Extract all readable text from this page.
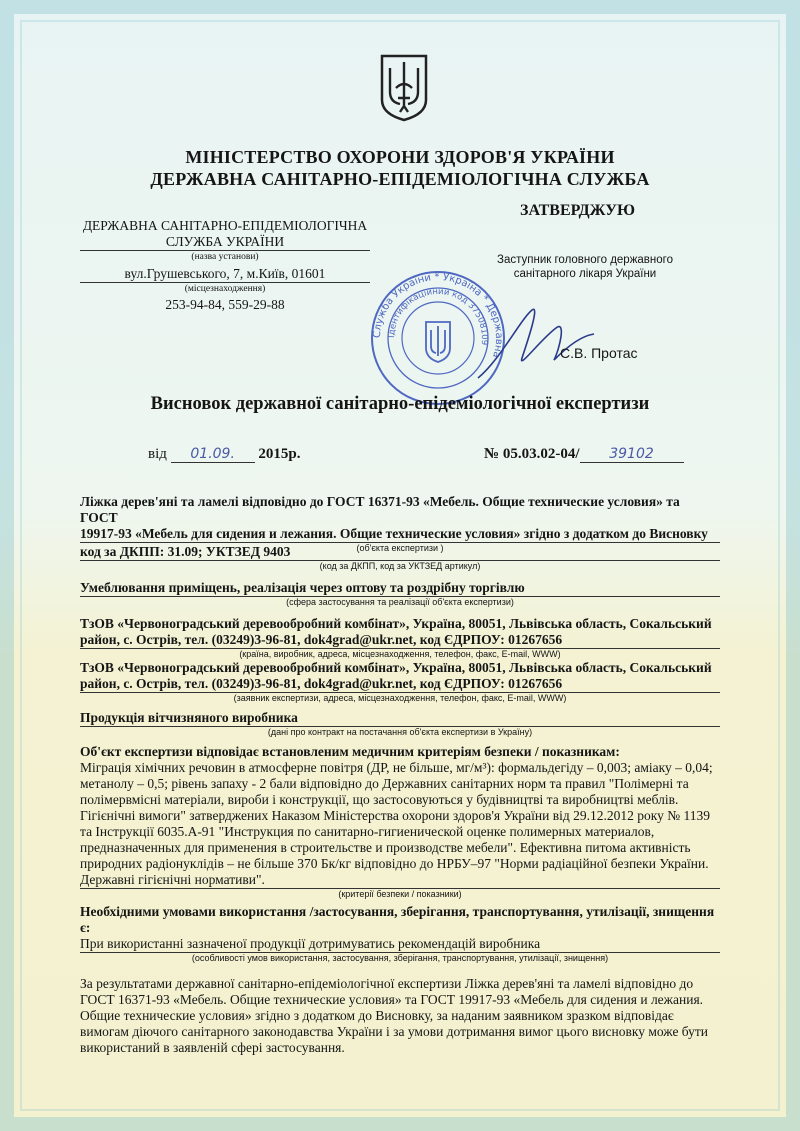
МІНІСТЕРСТВО ОХОРОНИ ЗДОРОВ'Я УКРАЇНИ
ДЕРЖАВНА САНІТАРНО-ЕПІДЕМІОЛОГІЧНА СЛУЖБА
ЗАТВЕРДЖУЮ
ДЕРЖАВНА САНІТАРНО-ЕПІДЕМІОЛОГІЧНА
СЛУЖБА УКРАЇНИ
(назва установи)
вул.Грушевського, 7, м.Київ, 01601
(місцезнаходження)
253-94-84, 559-29-88
Заступник головного державного
санітарного лікаря України
Служба України * Україна * Державна
Ідентифікаційний код 37508109
С.В. Протас
Висновок державної санітарно-епідеміологічної експертизи
від 01.09. 2015р.	№ 05.03.02-04/ 39102
Ліжка дерев'яні та ламелі відповідно до ГОСТ 16371-93 «Мебель. Общие технические условия» та ГОСТ
19917-93 «Мебель для сидения и лежания. Общие технические условия» згідно з додатком до Висновку
(об'єкта експертизи )
код за ДКПП: 31.09; УКТЗЕД 9403
(код за ДКПП, код за УКТЗЕД артикул)
Умеблювання приміщень, реалізація через оптову та роздрібну торгівлю
(сфера застосування та реалізації об'єкта експертизи)
ТзОВ «Червоноградський деревообробний комбінат», Україна, 80051, Львівська область, Сокальський
район, с. Острів, тел. (03249)3-96-81, dok4grad@ukr.net, код ЄДРПОУ: 01267656
(країна, виробник, адреса, місцезнаходження, телефон, факс, E-mail, WWW)
ТзОВ «Червоноградський деревообробний комбінат», Україна, 80051, Львівська область, Сокальський
район, с. Острів, тел. (03249)3-96-81, dok4grad@ukr.net, код ЄДРПОУ: 01267656
(заявник експертизи, адреса, місцезнаходження, телефон, факс, E-mail, WWW)
Продукція вітчизняного виробника
(дані про контракт на постачання об'єкта експертизи в Україну)
Об'єкт експертизи відповідає встановленим медичним критеріям безпеки / показникам:
Міграція хімічних речовин в атмосферне повітря (ДР, не більше, мг/м³): формальдегіду – 0,003; аміаку – 0,04;
метанолу – 0,5; рівень запаху - 2 бали відповідно до Державних санітарних норм та правил "Полімерні та
полімервмісні матеріали, вироби і конструкції, що застосовуються у будівництві та виробництві меблів.
Гігієнічні вимоги" затверджених Наказом Міністерства охорони здоров'я України від 29.12.2012 року № 1139
та Інструкції 6035.А-91 "Инструкция по санитарно-гигиенической оценке полимерных материалов,
предназначенных для применения в строительстве и производстве мебели". Ефективна питома активність
природних радіонуклідів – не більше 370 Бк/кг відповідно до НРБУ–97 "Норми радіаційної безпеки України.
Державні гігієнічні нормативи".
(критерії безпеки / показники)
Необхідними умовами використання /застосування, зберігання, транспортування, утилізації, знищення
є:
При використанні зазначеної продукції дотримуватись рекомендацій виробника
(особливості умов використання, застосування, зберігання, транспортування, утилізації, знищення)
За результатами державної санітарно-епідеміологічної експертизи Ліжка дерев'яні та ламелі відповідно до
ГОСТ 16371-93 «Мебель. Общие технические условия» та ГОСТ 19917-93 «Мебель для сидения и лежания.
Общие технические условия» згідно з додатком до Висновку, за наданим заявником зразком відповідає
вимогам діючого санітарного законодавства України і за умови дотримання вимог цього висновку може бути
використаний в заявленій сфері застосування.
